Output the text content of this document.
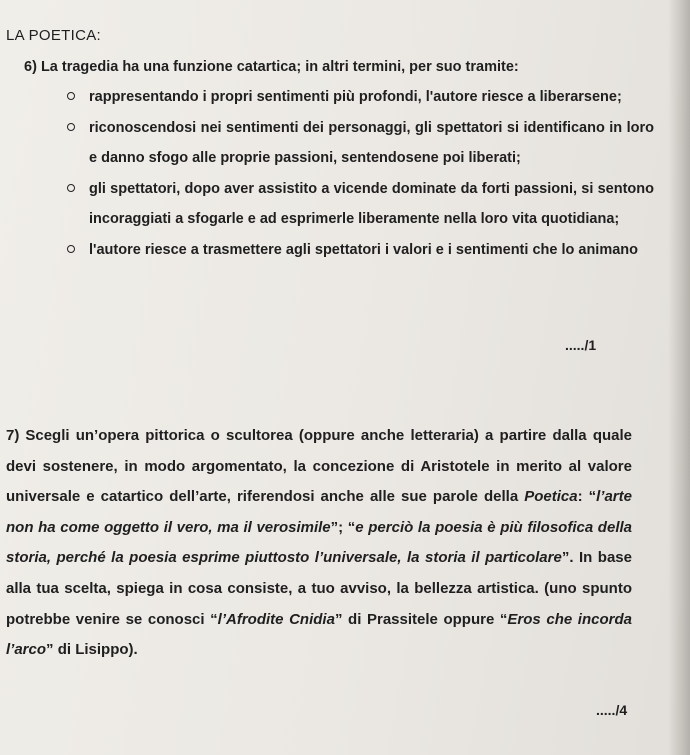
LA POETICA:

6) La tragedia ha una funzione catartica; in altri termini, per suo tramite:

rappresentando i propri sentimenti più profondi, l'autore riesce a liberarsene;
riconoscendosi nei sentimenti dei personaggi, gli spettatori si identificano in loro e danno sfogo alle proprie passioni, sentendosene poi liberati;
gli spettatori, dopo aver assistito a vicende dominate da forti passioni, si sentono incoraggiati a sfogarle e ad esprimerle liberamente nella loro vita quotidiana;
l'autore riesce a trasmettere agli spettatori i valori e i sentimenti che lo animano
...../1

7) Scegli un’opera pittorica o scultorea (oppure anche letteraria) a partire dalla quale devi sostenere, in modo argomentato, la concezione di Aristotele in merito al valore universale e catartico dell’arte, riferendosi anche alle sue parole della Poetica: “l’arte non ha come oggetto il vero, ma il verosimile”; “e perciò la poesia è più filosofica della storia, perché la poesia esprime piuttosto l’universale, la storia il particolare”. In base alla tua scelta, spiega in cosa consiste, a tuo avviso, la bellezza artistica. (uno spunto potrebbe venire se conosci “l’Afrodite Cnidia” di Prassitele oppure “Eros che incorda l’arco” di Lisippo).

...../4
